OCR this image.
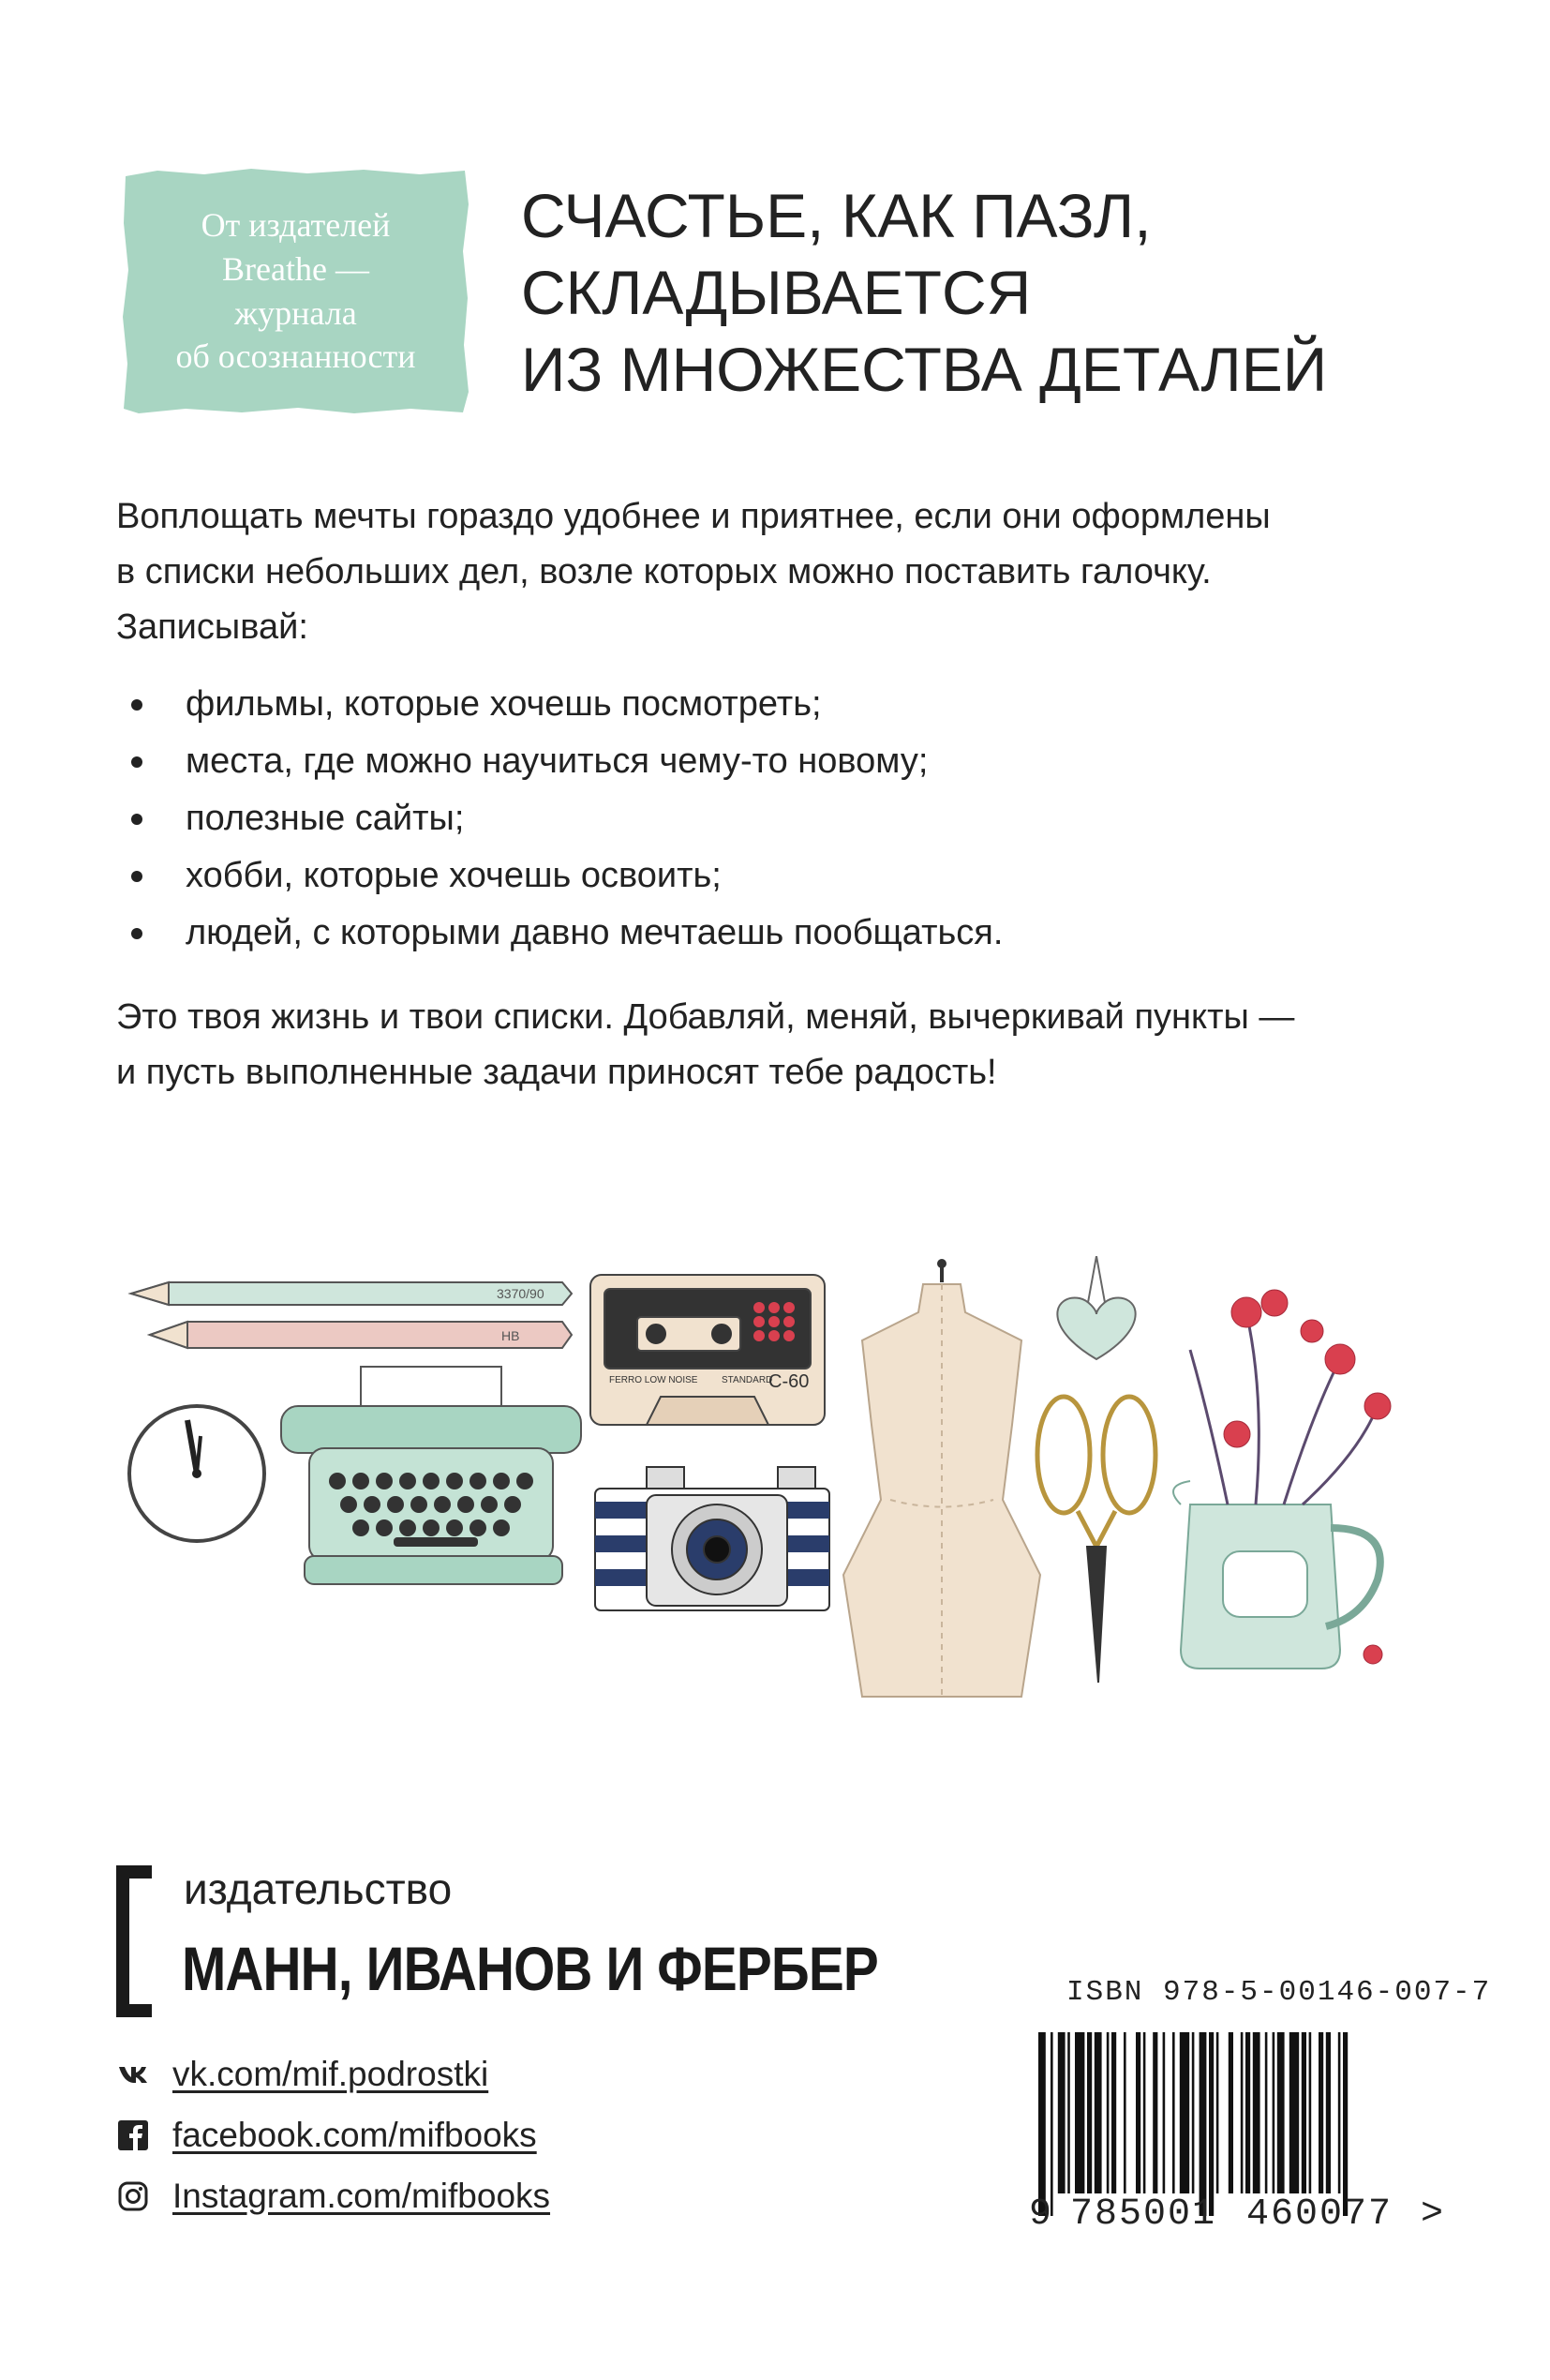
От издателей
Breathe —
журнала
об осознанности
СЧАСТЬЕ, КАК ПАЗЛ,
СКЛАДЫВАЕТСЯ
ИЗ МНОЖЕСТВА ДЕТАЛЕЙ

Воплощать мечты гораздо удобнее и приятнее, если они оформлены

в списки небольших дел, возле которых можно поставить галочку.

Записывай:

фильмы, которые хочешь посмотреть;
места, где можно научиться чему-то новому;
полезные сайты;
хобби, которые хочешь освоить;
людей, с которыми давно мечтаешь пообщаться.
Это твоя жизнь и твои списки. Добавляй, меняй, вычеркивай пункты —
и пусть выполненные задачи приносят тебе радость!
3370/90
HB
FERRO LOW NOISE	STANDARD
C-60
издательство
МАНН, ИВАНОВ И ФЕРБЕР
vk.com/mif.podrostki
facebook.com/mifbooks
Instagram.com/mifbooks
ISBN 978-5-00146-007-7
9 785001 460077 >
